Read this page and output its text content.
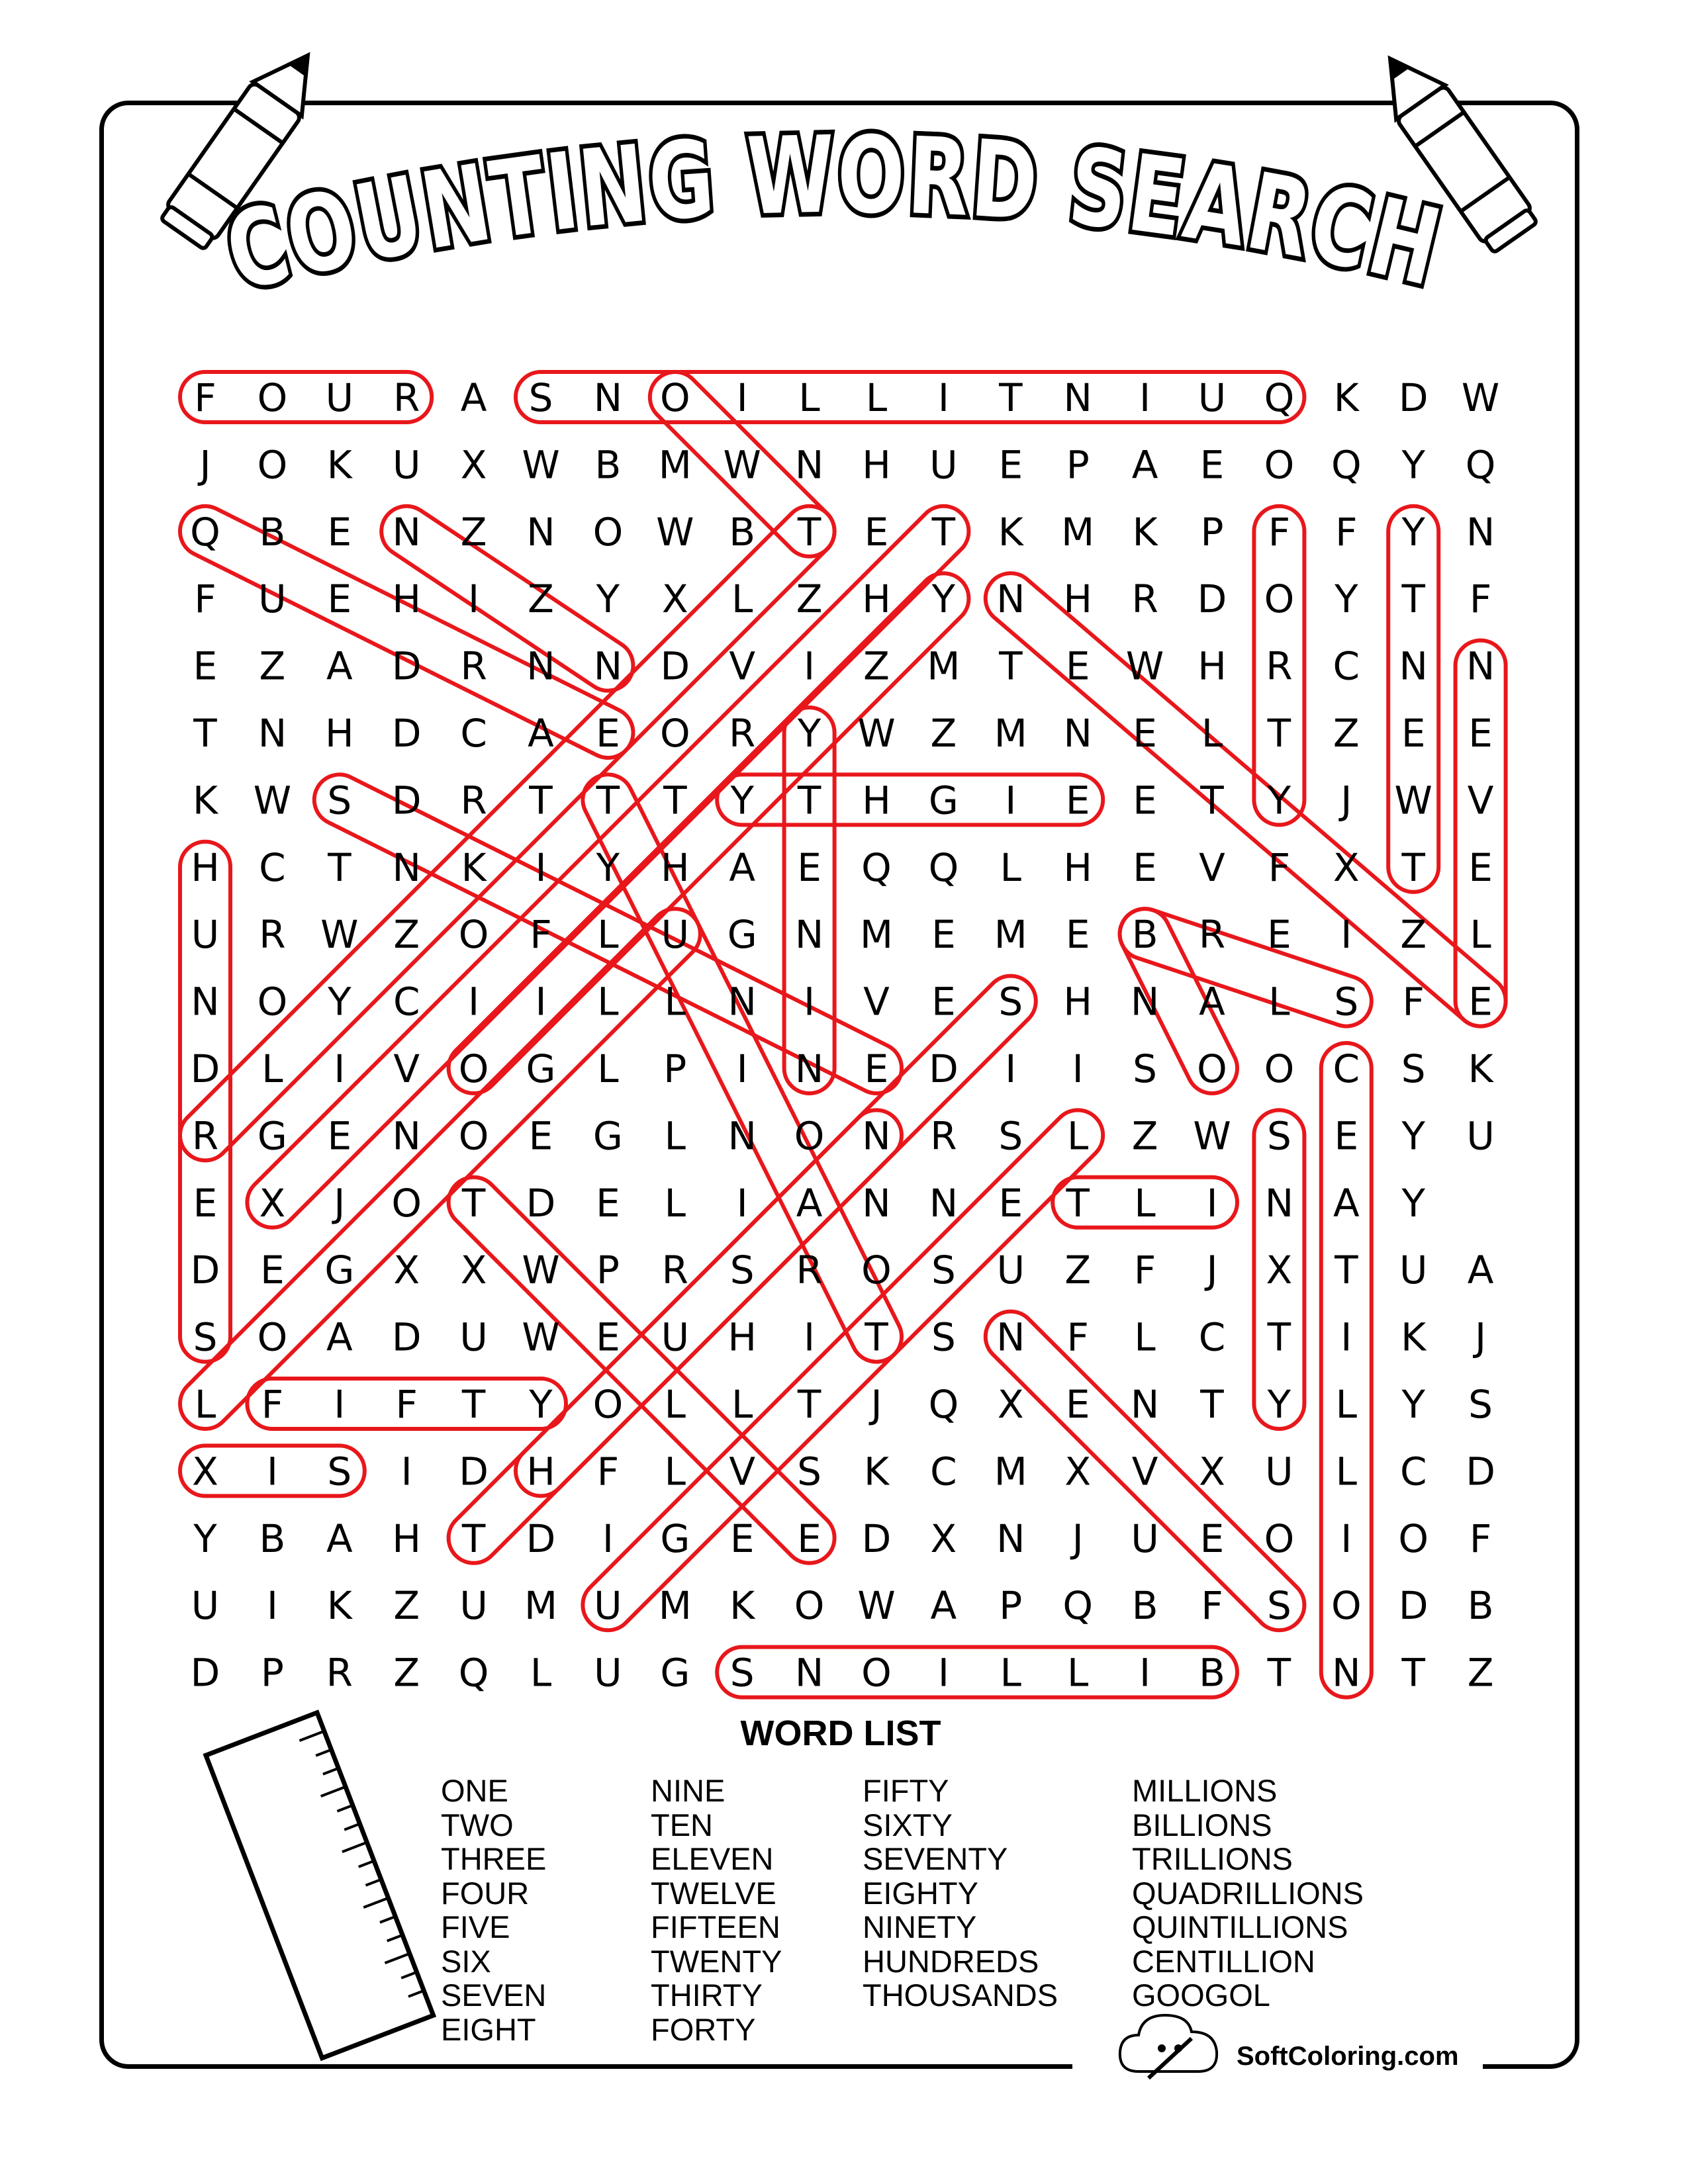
COUNTING WORD SEARCH
F O U R A S N O I L L I T N I U Q K D W
J O K U X W B M W N H U E P A E O Q Y Q
Q B E N Z N O W B T E T K M K P F F Y N
F U E H I Z Y X L Z H Y N H R D O Y T F
E Z A D R N N D V I Z M T E W H R C N N
T N H D C A E O R Y W Z M N E L T Z E E
K W S D R T T T Y T H G I E E T Y J W V
H C T N K I Y H A E Q Q L H E V F X T E
U R W Z O F L U G N M E M E B R E I Z L
N O Y C I I L L N I V E S H N A L S F E
D L I V O G L P I N E D I I S O O C S K
R G E N O E G L N O N R S L Z W S E Y U
E X J O T D E L I A N N E T L I N A Y
D E G X X W P R S R O S U Z F J X T U A
S O A D U W E U H I T S N F L C T I K J
L F I F T Y O L L T J Q X E N T Y L Y S
X I S I D H F L V S K C M X V X U L C D
Y B A H T D I G E E D X N J U E O I O F
U I K Z U M U M K O W A P Q B F S O D B
D P R Z Q L U G S N O I L L I B T N T Z
WORD LIST
ONE
TWO
THREE
FOUR
FIVE
SIX
SEVEN
EIGHT
NINE
TEN
ELEVEN
TWELVE
FIFTEEN
TWENTY
THIRTY
FORTY
FIFTY
SIXTY
SEVENTY
EIGHTY
NINETY
HUNDREDS
THOUSANDS
MILLIONS
BILLIONS
TRILLIONS
QUADRILLIONS
QUINTILLIONS
CENTILLION
GOOGOL
SoftColoring.com
